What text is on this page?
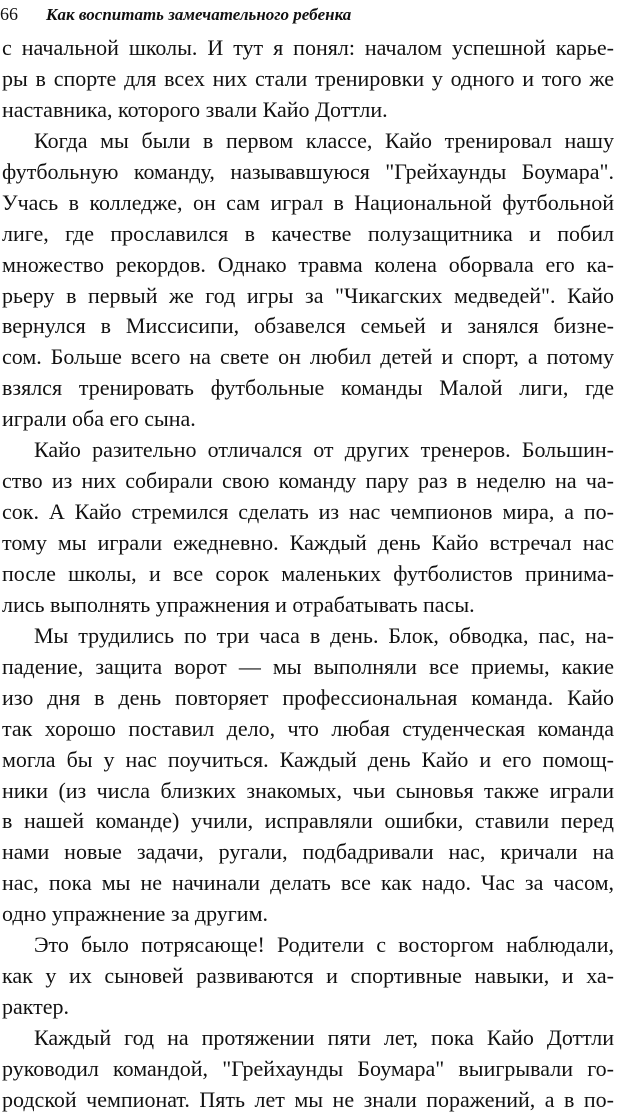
66 Как воспитать замечательного ребенка
с начальной школы. И тут я понял: началом успешной карье-
ры в спорте для всех них стали тренировки у одного и того же
наставника, которого звали Кайо Доттли.
Когда мы были в первом классе, Кайо тренировал нашу
футбольную команду, называвшуюся "Грейхаунды Боумара".
Учась в колледже, он сам играл в Национальной футбольной
лиге, где прославился в качестве полузащитника и побил
множество рекордов. Однако травма колена оборвала его ка-
рьеру в первый же год игры за "Чикагских медведей". Кайо
вернулся в Миссисипи, обзавелся семьей и занялся бизне-
сом. Больше всего на свете он любил детей и спорт, а потому
взялся тренировать футбольные команды Малой лиги, где
играли оба его сына.
Кайо разительно отличался от других тренеров. Большин-
ство из них собирали свою команду пару раз в неделю на ча-
сок. А Кайо стремился сделать из нас чемпионов мира, а по-
тому мы играли ежедневно. Каждый день Кайо встречал нас
после школы, и все сорок маленьких футболистов принима-
лись выполнять упражнения и отрабатывать пасы.
Мы трудились по три часа в день. Блок, обводка, пас, на-
падение, защита ворот — мы выполняли все приемы, какие
изо дня в день повторяет профессиональная команда. Кайо
так хорошо поставил дело, что любая студенческая команда
могла бы у нас поучиться. Каждый день Кайо и его помощ-
ники (из числа близких знакомых, чьи сыновья также играли
в нашей команде) учили, исправляли ошибки, ставили перед
нами новые задачи, ругали, подбадривали нас, кричали на
нас, пока мы не начинали делать все как надо. Час за часом,
одно упражнение за другим.
Это было потрясающе! Родители с восторгом наблюдали,
как у их сыновей развиваются и спортивные навыки, и ха-
рактер.
Каждый год на протяжении пяти лет, пока Кайо Доттли
руководил командой, "Грейхаунды Боумара" выигрывали го-
родской чемпионат. Пять лет мы не знали поражений, а в по-
